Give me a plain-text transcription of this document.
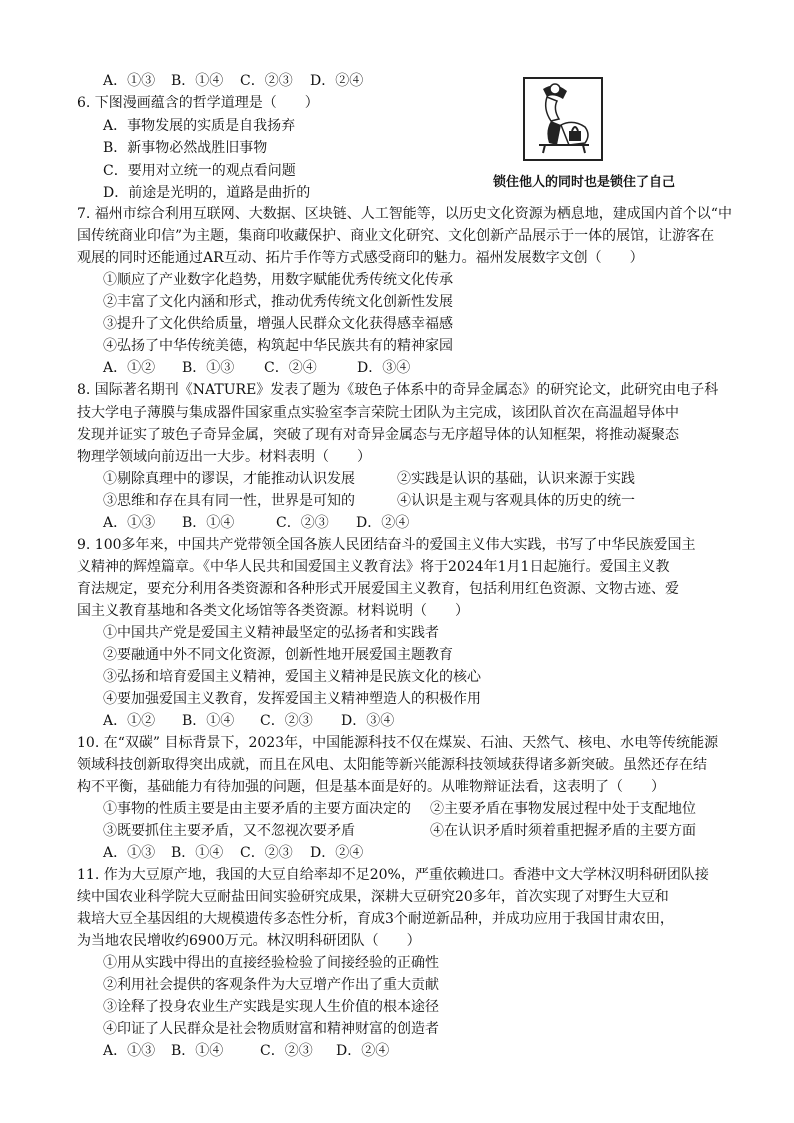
A．①③ B．①④ C．②③ D．②④
6. 下图漫画蕴含的哲学道理是（　　）
A．事物发展的实质是自我扬弃
B．新事物必然战胜旧事物
C．要用对立统一的观点看问题
D．前途是光明的，道路是曲折的
锁住他人的同时也是锁住了自己
7. 福州市综合利用互联网、大数据、区块链、人工智能等，以历史文化资源为栖息地，建成国内首个以“中
国传统商业印信”为主题，集商印收藏保护、商业文化研究、文化创新产品展示于一体的展馆，让游客在
观展的同时还能通过AR互动、拓片手作等方式感受商印的魅力。福州发展数字文创（　　）
①顺应了产业数字化趋势，用数字赋能优秀传统文化传承
②丰富了文化内涵和形式，推动优秀传统文化创新性发展
③提升了文化供给质量，增强人民群众文化获得感幸福感
④弘扬了中华传统美德，构筑起中华民族共有的精神家园
A．①② B．①③ C．②④	D．③④
8. 国际著名期刊《NATURE》发表了题为《玻色子体系中的奇异金属态》的研究论文，此研究由电子科
技大学电子薄膜与集成器件国家重点实验室李言荣院士团队为主完成，该团队首次在高温超导体中
发现并证实了玻色子奇异金属，突破了现有对奇异金属态与无序超导体的认知框架，将推动凝聚态
物理学领域向前迈出一大步。材料表明（　　）
①剔除真理中的谬误，才能推动认识发展	②实践是认识的基础，认识来源于实践
③思维和存在具有同一性，世界是可知的	④认识是主观与客观具体的历史的统一
A．①③ B．①④	C．②③ D．②④
9. 100多年来，中国共产党带领全国各族人民团结奋斗的爱国主义伟大实践，书写了中华民族爱国主
义精神的辉煌篇章。《中华人民共和国爱国主义教育法》将于2024年1月1日起施行。爱国主义教
育法规定，要充分利用各类资源和各种形式开展爱国主义教育，包括利用红色资源、文物古迹、爱
国主义教育基地和各类文化场馆等各类资源。材料说明（　　）
①中国共产党是爱国主义精神最坚定的弘扬者和实践者
②要融通中外不同文化资源，创新性地开展爱国主题教育
③弘扬和培育爱国主义精神，爱国主义精神是民族文化的核心
④要加强爱国主义教育，发挥爱国主义精神塑造人的积极作用
A．①② B．①④ C．②③ D．③④
10. 在“双碳” 目标背景下，2023年，中国能源科技不仅在煤炭、石油、天然气、核电、水电等传统能源
领域科技创新取得突出成就，而且在风电、太阳能等新兴能源科技领域获得诸多新突破。虽然还存在结
构不平衡，基础能力有待加强的问题，但是基本面是好的。从唯物辩证法看，这表明了（　　）
①事物的性质主要是由主要矛盾的主要方面决定的 ②主要矛盾在事物发展过程中处于支配地位
③既要抓住主要矛盾，又不忽视次要矛盾	④在认识矛盾时须着重把握矛盾的主要方面
A．①③ B．①④ C．②③ D．②④
11. 作为大豆原产地，我国的大豆自给率却不足20%，严重依赖进口。香港中文大学林汉明科研团队接
续中国农业科学院大豆耐盐田间实验研究成果，深耕大豆研究20多年，首次实现了对野生大豆和
栽培大豆全基因组的大规模遗传多态性分析，育成3个耐逆新品种，并成功应用于我国甘肃农田，
为当地农民增收约6900万元。林汉明科研团队（　　）
①用从实践中得出的直接经验检验了间接经验的正确性
②利用社会提供的客观条件为大豆增产作出了重大贡献
③诠释了投身农业生产实践是实现人生价值的根本途径
④印证了人民群众是社会物质财富和精神财富的创造者
A．①③ B．①④	C．②③ D．②④
